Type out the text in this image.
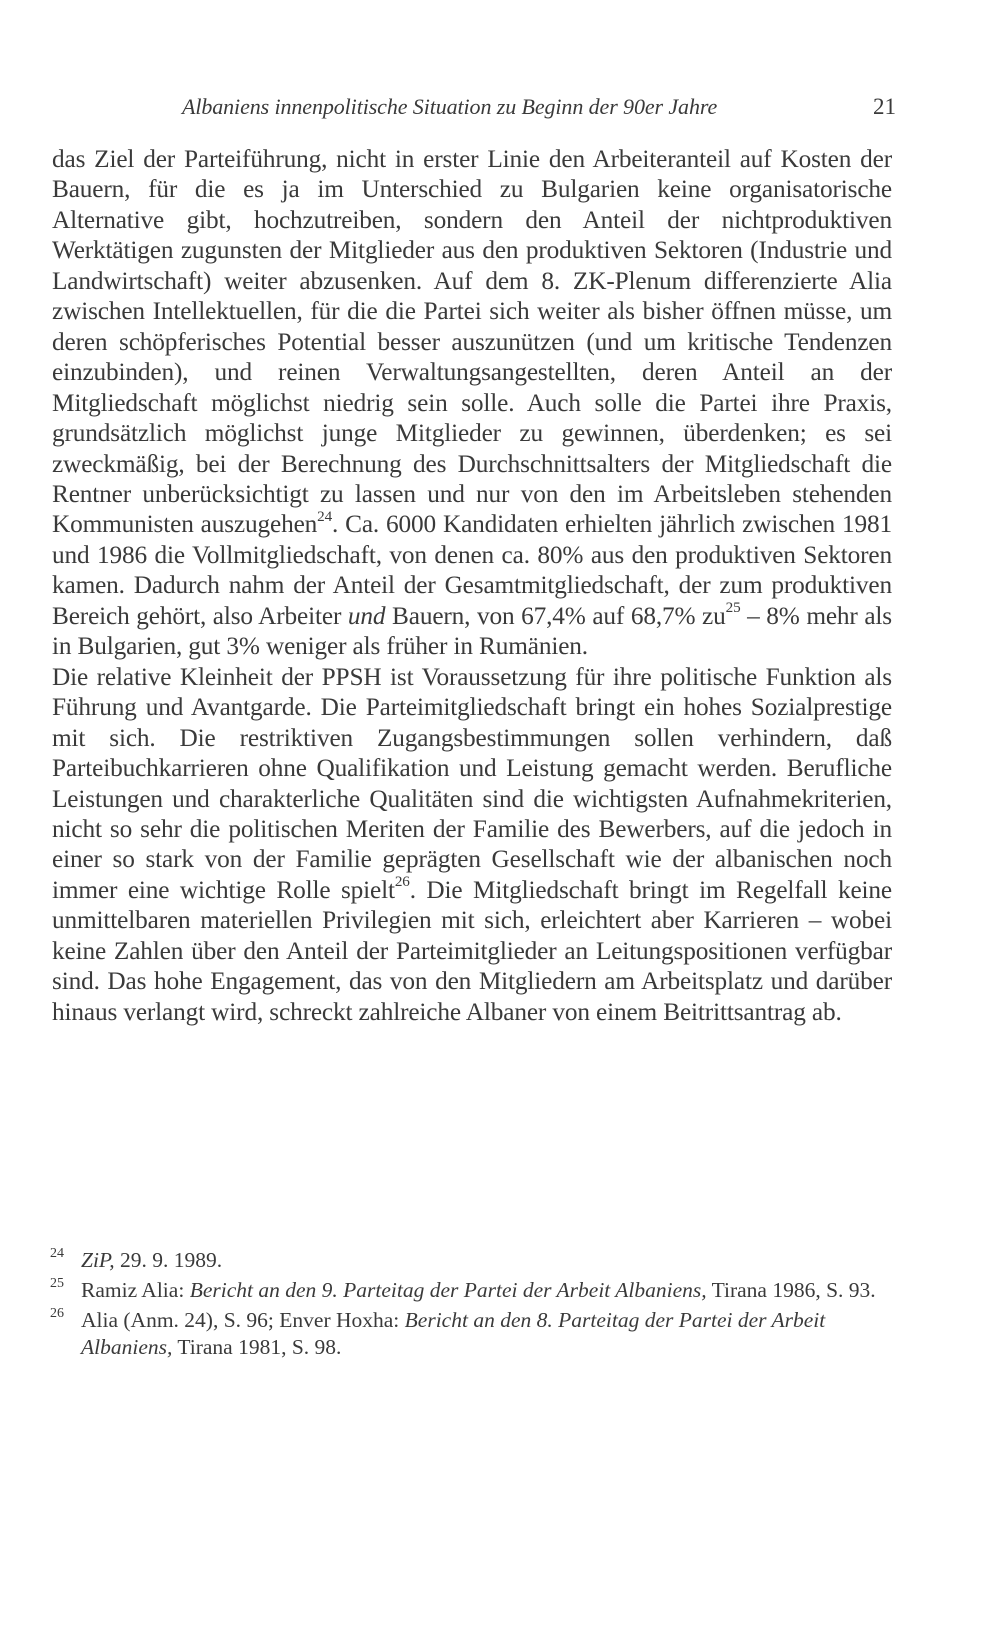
Albaniens innenpolitische Situation zu Beginn der 90er Jahre	21

das Ziel der Parteiführung, nicht in erster Linie den Arbeiteranteil auf Kosten der Bauern, für die es ja im Unterschied zu Bulgarien keine organisatorische Alternative gibt, hochzutreiben, sondern den Anteil der nichtproduktiven Werktätigen zugunsten der Mitglieder aus den produktiven Sektoren (Industrie und Landwirtschaft) weiter abzusenken. Auf dem 8. ZK-Plenum differenzierte Alia zwischen Intellektuellen, für die die Partei sich weiter als bisher öffnen müsse, um deren schöpferisches Potential besser auszunützen (und um kritische Tendenzen einzubinden), und reinen Verwaltungsangestellten, deren Anteil an der Mitgliedschaft möglichst niedrig sein solle. Auch solle die Partei ihre Praxis, grundsätzlich möglichst junge Mitglieder zu gewinnen, überdenken; es sei zweckmäßig, bei der Berechnung des Durchschnittsalters der Mitgliedschaft die Rentner unberücksichtigt zu lassen und nur von den im Arbeitsleben stehenden Kommunisten auszugehen$^{24}$. Ca. 6000 Kandidaten erhielten jährlich zwischen 1981 und 1986 die Vollmitgliedschaft, von denen ca. 80% aus den produktiven Sektoren kamen. Dadurch nahm der Anteil der Gesamtmitgliedschaft, der zum produktiven Bereich gehört, also Arbeiter und Bauern, von 67,4% auf 68,7% $zu^{25} - 8\%$ mehr als in Bulgarien, gut 3% weniger als früher in Rumänien.

Die relative Kleinheit der PPSH ist Voraussetzung für ihre politische Funktion als Führung und Avantgarde. Die Parteimitgliedschaft bringt ein hohes Sozialprestige mit sich. Die restriktiven Zugangsbestimmungen sollen verhindern, daß Parteibuchkarrieren ohne Qualifikation und Leistung gemacht werden. Berufliche Leistungen und charakterliche Qualitäten sind die wichtigsten Aufnahmekriterien, nicht so sehr die politischen Meriten der Familie des Bewerbers, auf die jedoch in einer so stark von der Familie geprägten Gesellschaft wie der albanischen noch immer eine wichtige Rolle spielt$^{26}$. Die Mitgliedschaft bringt im Regelfall keine unmittelbaren materiellen Privilegien mit sich, erleichtert aber Karrieren – wobei keine Zahlen über den Anteil der Parteimitglieder an Leitungspositionen verfügbar sind. Das hohe Engagement, das von den Mitgliedern am Arbeitsplatz und darüber hinaus verlangt wird, schreckt zahlreiche Albaner von einem Beitrittsantrag ab.

24 ZiP, 29. 9. 1989.
25 Ramiz Alia: Bericht an den 9. Parteitag der Partei der Arbeit Albaniens, Tirana 1986, S. 93.
26 Alia (Anm. 24), S. 96; Enver Hoxha: Bericht an den 8. Parteitag der Partei der Arbeit Albaniens, Tirana 1981, S. 98.
